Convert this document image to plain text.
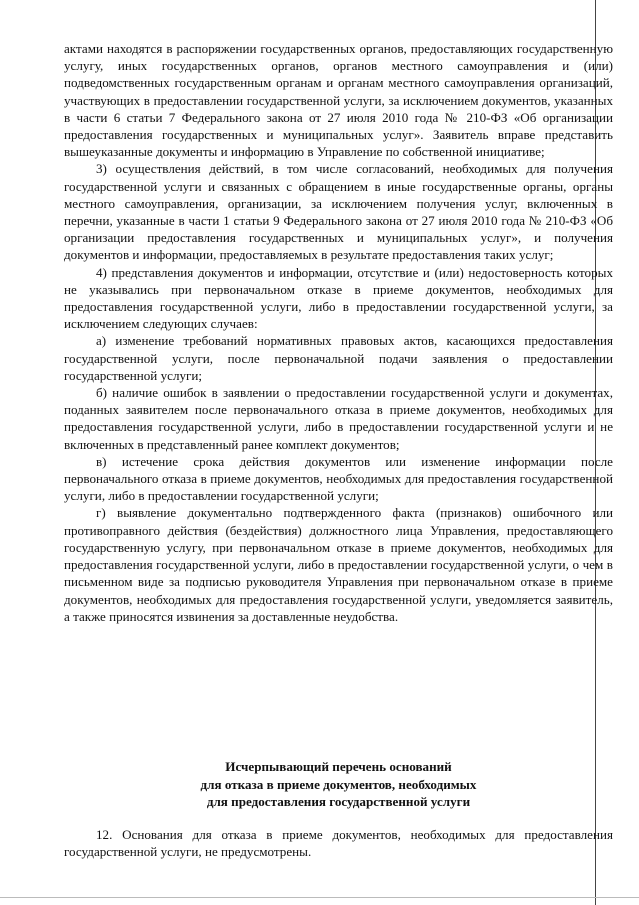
актами находятся в распоряжении государственных органов, предоставляющих государственную услугу, иных государственных органов, органов местного самоуправления и (или) подведомственных государственным органам и органам местного самоуправления организаций, участвующих в предоставлении государственной услуги, за исключением документов, указанных в части 6 статьи 7 Федерального закона от 27 июля 2010 года № 210-ФЗ «Об организации предоставления государственных и муниципальных услуг». Заявитель вправе представить вышеуказанные документы и информацию в Управление по собственной инициативе;

3) осуществления действий, в том числе согласований, необходимых для получения государственной услуги и связанных с обращением в иные государственные органы, органы местного самоуправления, организации, за исключением получения услуг, включенных в перечни, указанные в части 1 статьи 9 Федерального закона от 27 июля 2010 года № 210-ФЗ «Об организации предоставления государственных и муниципальных услуг», и получения документов и информации, предоставляемых в результате предоставления таких услуг;

4) представления документов и информации, отсутствие и (или) недостоверность которых не указывались при первоначальном отказе в приеме документов, необходимых для предоставления государственной услуги, либо в предоставлении государственной услуги, за исключением следующих случаев:

а) изменение требований нормативных правовых актов, касающихся предоставления государственной услуги, после первоначальной подачи заявления о предоставлении государственной услуги;

б) наличие ошибок в заявлении о предоставлении государственной услуги и документах, поданных заявителем после первоначального отказа в приеме документов, необходимых для предоставления государственной услуги, либо в предоставлении государственной услуги и не включенных в представленный ранее комплект документов;

в) истечение срока действия документов или изменение информации после первоначального отказа в приеме документов, необходимых для предоставления государственной услуги, либо в предоставлении государственной услуги;

г) выявление документально подтвержденного факта (признаков) ошибочного или противоправного действия (бездействия) должностного лица Управления, предоставляющего государственную услугу, при первоначальном отказе в приеме документов, необходимых для предоставления государственной услуги, либо в предоставлении государственной услуги, о чем в письменном виде за подписью руководителя Управления при первоначальном отказе в приеме документов, необходимых для предоставления государственной услуги, уведомляется заявитель, а также приносятся извинения за доставленные неудобства.

Исчерпывающий перечень оснований
для отказа в приеме документов, необходимых
для предоставления государственной услуги

12. Основания для отказа в приеме документов, необходимых для предоставления государственной услуги, не предусмотрены.
